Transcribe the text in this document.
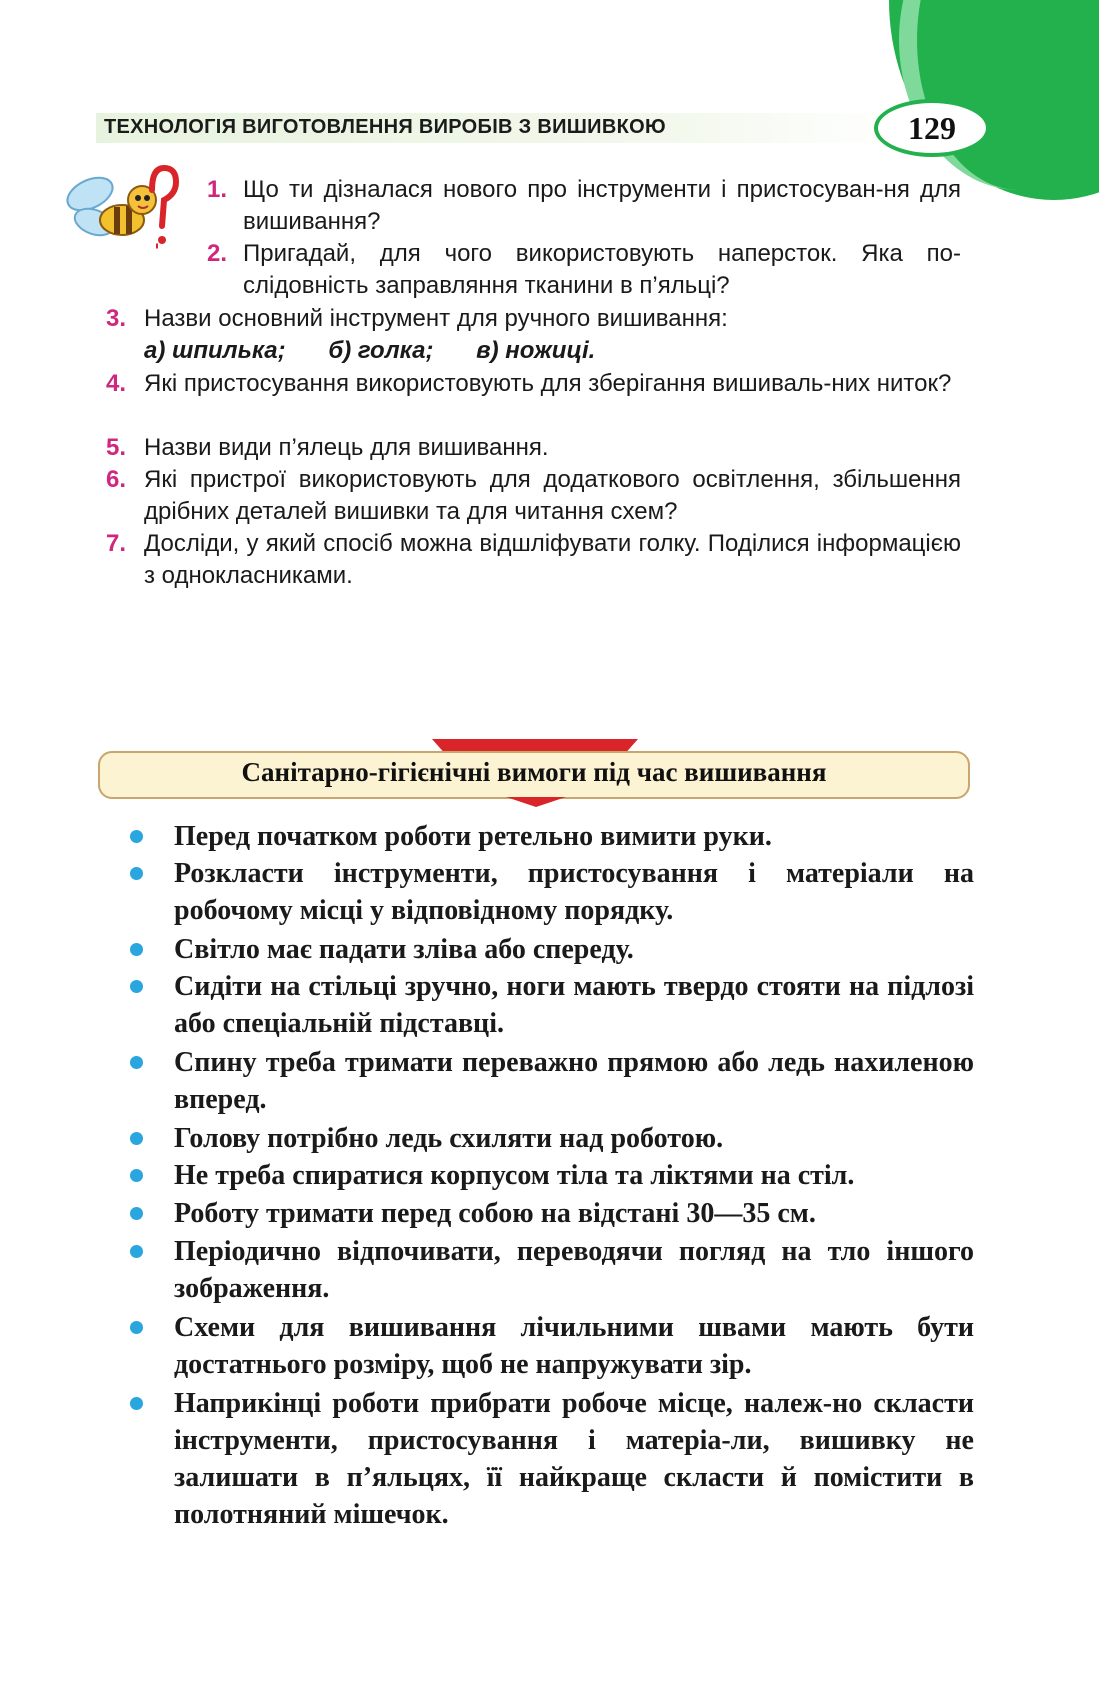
ТЕХНОЛОГІЯ ВИГОТОВЛЕННЯ ВИРОБІВ З ВИШИВКОЮ	129
1. Що ти дізналася нового про інструменти і пристосуван-ня для вишивання?
2. Пригадай, для чого використовують наперсток. Яка по-слідовність заправляння тканини в п’яльці?
3. Назви основний інструмент для ручного вишивання:
а) шпилька; б) голка; в) ножиці.
4. Які пристосування використовують для зберігання вишиваль-них ниток?
5. Назви види п’ялець для вишивання.
6. Які пристрої використовують для додаткового освітлення, збільшення дрібних деталей вишивки та для читання схем?
7. Досліди, у який спосіб можна відшліфувати голку. Поділися інформацією з однокласниками.
Санітарно-гігієнічні вимоги під час вишивання
Перед початком роботи ретельно вимити руки.
Розкласти інструменти, пристосування і матеріали на робочому місці у відповідному порядку.
Світло має падати зліва або спереду.
Сидіти на стільці зручно, ноги мають твердо стояти на підлозі або спеціальній підставці.
Спину треба тримати переважно прямою або ледь нахиленою вперед.
Голову потрібно ледь схиляти над роботою.
Не треба спиратися корпусом тіла та ліктями на стіл.
Роботу тримати перед собою на відстані 30—35 см.
Періодично відпочивати, переводячи погляд на тло іншого зображення.
Схеми для вишивання лічильними швами мають бути достатнього розміру, щоб не напружувати зір.
Наприкінці роботи прибрати робоче місце, належ-но скласти інструменти, пристосування і матеріа-ли, вишивку не залишати в п’яльцях, її найкраще скласти й помістити в полотняний мішечок.
